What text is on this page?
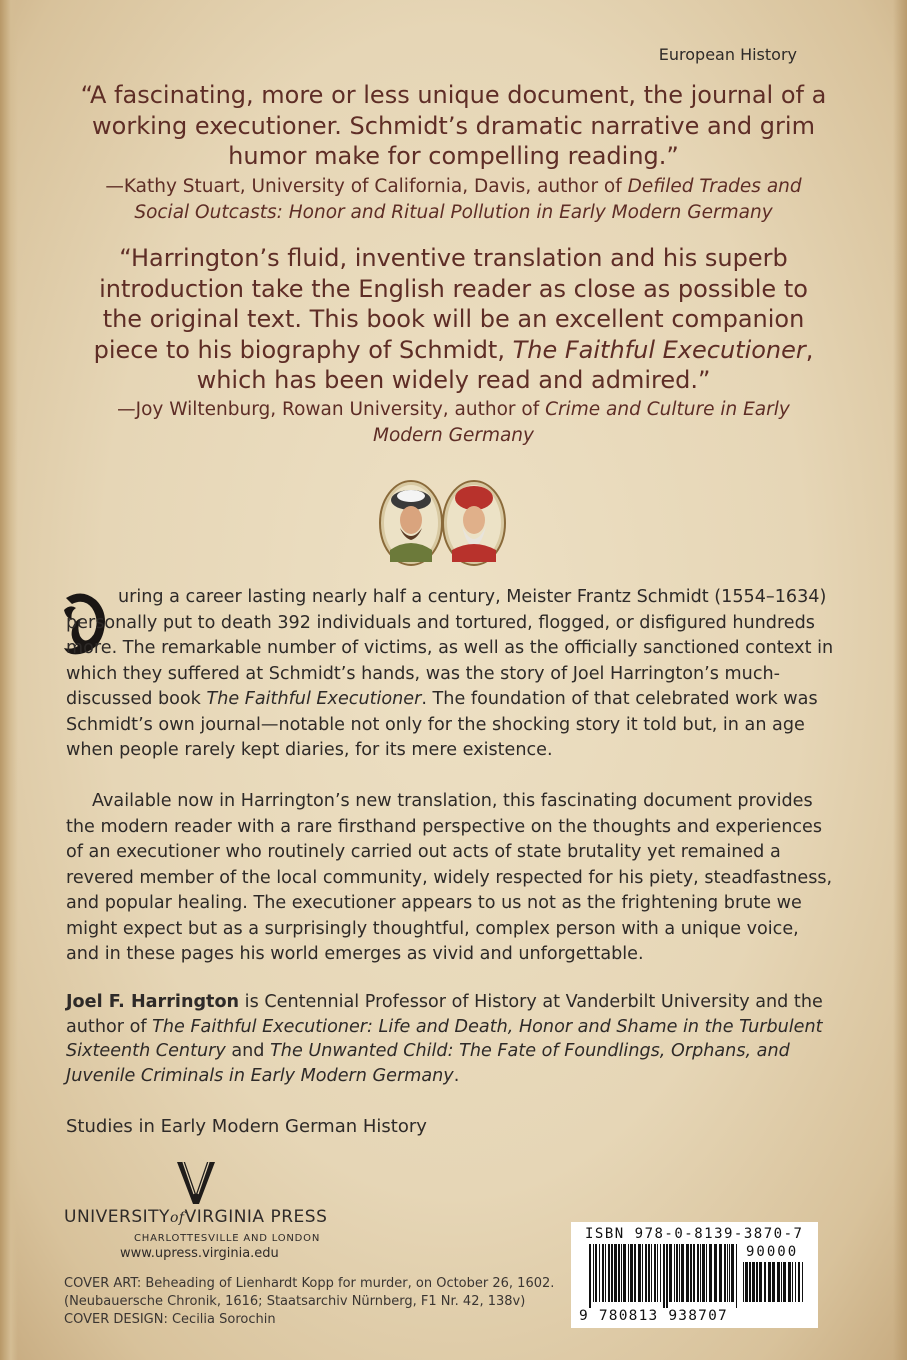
European History
“A fascinating, more or less unique document, the journal of a working executioner. Schmidt’s dramatic narrative and grim humor make for compelling reading.”
—Kathy Stuart, University of California, Davis, author of Defiled Trades and Social Outcasts: Honor and Ritual Pollution in Early Modern Germany
“Harrington’s fluid, inventive translation and his superb introduction take the English reader as close as possible to the original text. This book will be an excellent companion piece to his biography of Schmidt, The Faithful Executioner, which has been widely read and admired.”
—Joy Wiltenburg, Rowan University, author of Crime and Culture in Early Modern Germany
uring a career lasting nearly half a century, Meister Frantz Schmidt (1554–1634) personally put to death 392 individuals and tortured, flogged, or disfigured hundreds more. The remarkable number of victims, as well as the officially sanctioned context in which they suffered at Schmidt’s hands, was the story of Joel Harrington’s much-discussed book The Faithful Executioner. The foundation of that celebrated work was Schmidt’s own journal—notable not only for the shocking story it told but, in an age when people rarely kept diaries, for its mere existence.
Available now in Harrington’s new translation, this fascinating document provides the modern reader with a rare firsthand perspective on the thoughts and experiences of an executioner who routinely carried out acts of state brutality yet remained a revered member of the local community, widely respected for his piety, steadfastness, and popular healing. The executioner appears to us not as the frightening brute we might expect but as a surprisingly thoughtful, complex person with a unique voice, and in these pages his world emerges as vivid and unforgettable.
Joel F. Harrington is Centennial Professor of History at Vanderbilt University and the author of The Faithful Executioner: Life and Death, Honor and Shame in the Turbulent Sixteenth Century and The Unwanted Child: The Fate of Foundlings, Orphans, and Juvenile Criminals in Early Modern Germany.
Studies in Early Modern German History
UNIVERSITYofVIRGINIA PRESS
CHARLOTTESVILLE AND LONDON
www.upress.virginia.edu
COVER ART: Beheading of Lienhardt Kopp for murder, on October 26, 1602. (Neubauersche Chronik, 1616; Staatsarchiv Nürnberg, F1 Nr. 42, 138v)
COVER DESIGN: Cecilia Sorochin
ISBN 978-0-8139-3870-7
90000
9 780813 938707
